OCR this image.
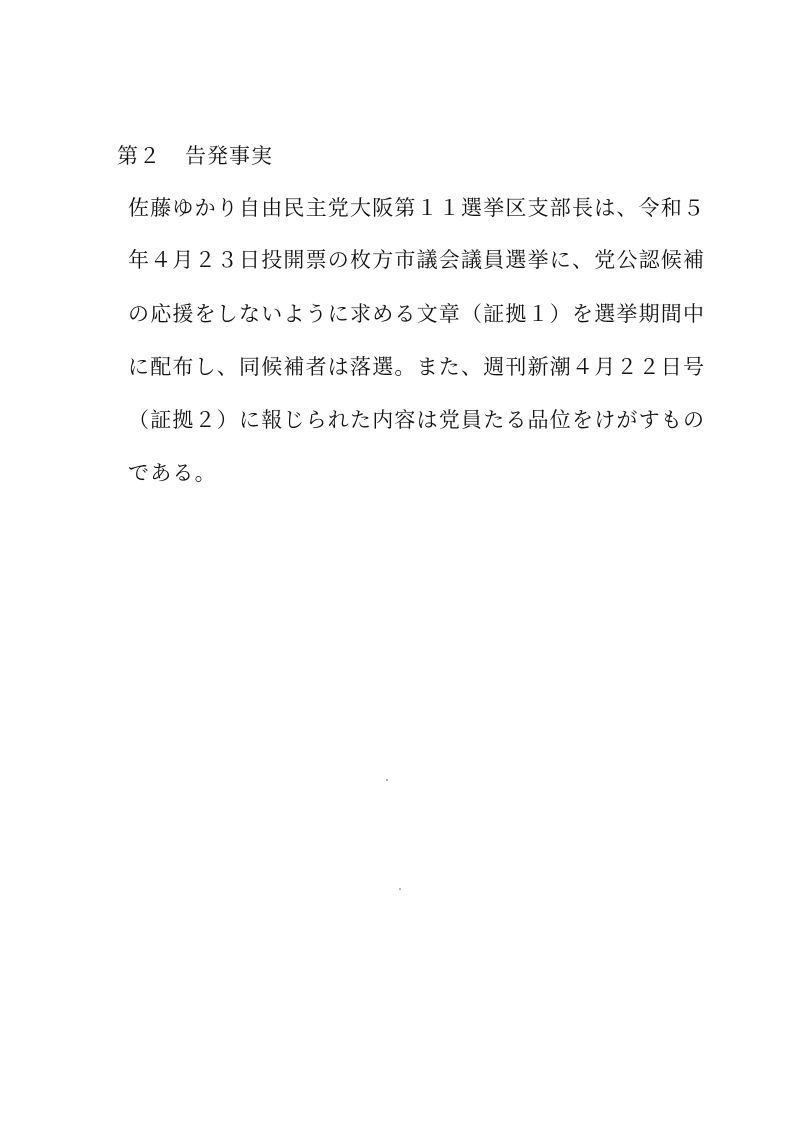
第２ 告発事実
佐藤ゆかり自由民主党大阪第１１選挙区支部長は、令和５
年４月２３日投開票の枚方市議会議員選挙に、党公認候補
の応援をしないように求める文章（証拠１）を選挙期間中
に配布し、同候補者は落選。また、週刊新潮４月２２日号
（証拠２）に報じられた内容は党員たる品位をけがすもの
である。
